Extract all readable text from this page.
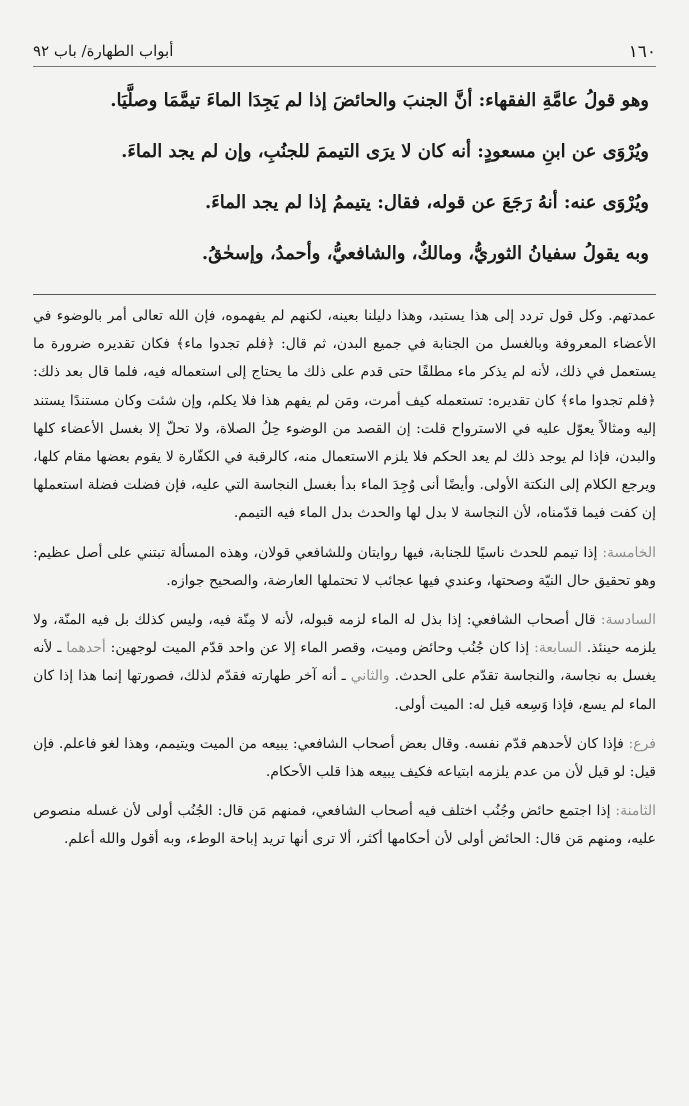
١٦٠
أبواب الطهارة/ باب ٩٢

وهو قولُ عامَّةِ الفقهاء: أنَّ الجنبَ والحائضَ إذا لم يَجِدَا الماءَ تيمَّمَا وصلَّيَا.

ويُرْوَى عن ابنِ مسعودٍ: أنه كان لا يرَى التيممَ للجنُبِ، وإن لم يجد الماءَ.

ويُرْوَى عنه: أنهُ رَجَعَ عن قوله، فقال: يتيممُ إذا لم يجد الماءَ.

وبه يقولُ سفيانُ الثوريُّ، ومالكٌ، والشافعيُّ، وأحمدُ، وإسحٰقُ.

عمدتهم. وكل قول تردد إلى هذا يستبد، وهذا دليلنا بعينه، لكنهم لم يفهموه، فإن الله تعالى أمر بالوضوء في الأعضاء المعروفة وبالغسل من الجنابة في جميع البدن، ثم قال: ﴿فلم تجدوا ماء﴾ فكان تقديره ضرورة ما يستعمل في ذلك، لأنه لم يذكر ماء مطلقًا حتى قدم على ذلك ما يحتاج إلى استعماله فيه، فلما قال بعد ذلك: ﴿فلم تجدوا ماء﴾ كان تقديره: تستعمله كيف أمرت، ومَن لم يفهم هذا فلا يكلم، وإن شئت وكان مستندًا يستند إليه ومثالاً يعوّل عليه في الاسترواح قلت: إن القصد من الوضوء حِلُ الصلاة، ولا تحلّ إلا بغسل الأعضاء كلها والبدن، فإذا لم يوجد ذلك لم يعد الحكم فلا يلزم الاستعمال منه، كالرقبة في الكفّارة لا يقوم بعضها مقام كلها، ويرجع الكلام إلى النكتة الأولى. وأيضًا أنى وُجِدَ الماء بدأ بغسل النجاسة التي عليه، فإن فضلت فضلة استعملها إن كفت فيما قدّمناه، لأن النجاسة لا بدل لها والحدث بدل الماء فيه التيمم.

الخامسة: إذا تيمم للحدث ناسيًا للجنابة، فيها روايتان وللشافعي قولان، وهذه المسألة تبتني على أصل عظيم: وهو تحقيق حال النيّة وصحتها، وعندي فيها عجائب لا تحتملها العارضة، والصحيح جوازه.

السادسة: قال أصحاب الشافعي: إذا بذل له الماء لزمه قبوله، لأنه لا مِنّة فيه، وليس كذلك بل فيه المنّة، ولا يلزمه حينئذ. السابعة: إذا كان جُنُب وحائض وميت، وقصر الماء إلا عن واحد قدّم الميت لوجهين: أحدهما ـ لأنه يغسل به نجاسة، والنجاسة تقدّم على الحدث. والثاني ـ أنه آخر طهارته فقدّم لذلك، فصورتها إنما هذا إذا كان الماء لم يسع، فإذا وَسِعه قيل له: الميت أولى.

فرع: فإذا كان لأحدهم قدّم نفسه. وقال بعض أصحاب الشافعي: يبيعه من الميت ويتيمم، وهذا لغو فاعلم. فإن قيل: لو قيل لأن من عدم يلزمه ابتياعه فكيف يبيعه هذا قلب الأحكام.

الثامنة: إذا اجتمع حائض وجُنُب اختلف فيه أصحاب الشافعي، فمنهم مَن قال: الجُنُب أولى لأن غسله منصوص عليه، ومنهم مَن قال: الحائض أولى لأن أحكامها أكثر، ألا ترى أنها تريد إباحة الوطء، وبه أقول والله أعلم.
